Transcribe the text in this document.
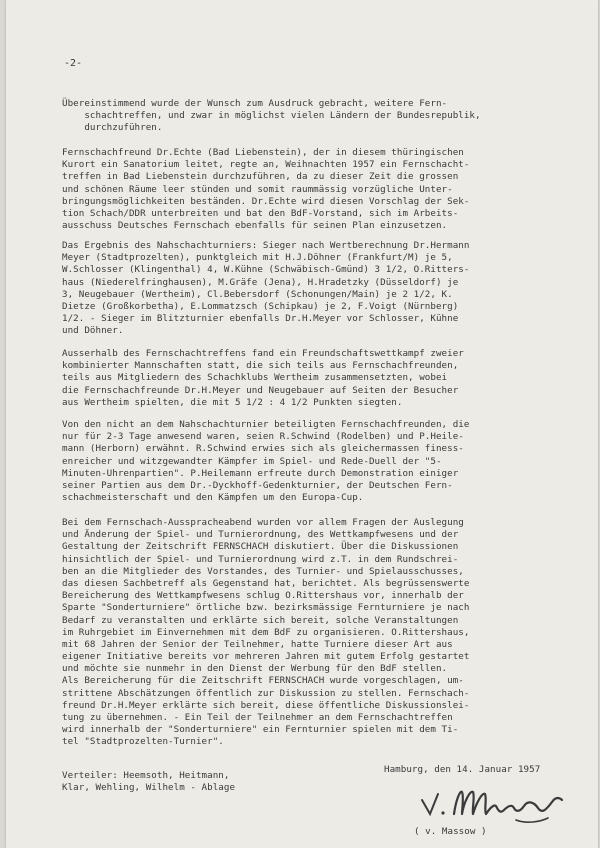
-2-
Übereinstimmend wurde der Wunsch zum Ausdruck gebracht, weitere Fern-
schachtreffen, und zwar in möglichst vielen Ländern der Bundesrepublik,
durchzuführen.
Fernschachfreund Dr.Echte (Bad Liebenstein), der in diesem thüringischen
Kurort ein Sanatorium leitet, regte an, Weihnachten 1957 ein Fernschacht-
treffen in Bad Liebenstein durchzuführen, da zu dieser Zeit die grossen
und schönen Räume leer stünden und somit raummässig vorzügliche Unter-
bringungsmöglichkeiten beständen. Dr.Echte wird diesen Vorschlag der Sek-
tion Schach/DDR unterbreiten und bat den BdF-Vorstand, sich im Arbeits-
ausschuss Deutsches Fernschach ebenfalls für seinen Plan einzusetzen.
Das Ergebnis des Nahschachturniers: Sieger nach Wertberechnung Dr.Hermann
Meyer (Stadtprozelten), punktgleich mit H.J.Döhner (Frankfurt/M) je 5,
W.Schlosser (Klingenthal) 4, W.Kühne (Schwäbisch-Gmünd) 3 1/2, O.Ritters-
haus (Niederelfringhausen), M.Gräfe (Jena), H.Hradetzky (Düsseldorf) je
3, Neugebauer (Wertheim), Cl.Bebersdorf (Schonungen/Main) je 2 1/2, K.
Dietze (Großkorbetha), E.Lommatzsch (Schipkau) je 2, F.Voigt (Nürnberg)
1/2. - Sieger im Blitzturnier ebenfalls Dr.H.Meyer vor Schlosser, Kühne
und Döhner.
Ausserhalb des Fernschachtreffens fand ein Freundschaftswettkampf zweier
kombinierter Mannschaften statt, die sich teils aus Fernschachfreunden,
teils aus Mitgliedern des Schachklubs Wertheim zusammensetzten, wobei
die Fernschachfreunde Dr.H.Meyer und Neugebauer auf Seiten der Besucher
aus Wertheim spielten, die mit 5 1/2 : 4 1/2 Punkten siegten.
Von den nicht an dem Nahschachturnier beteiligten Fernschachfreunden, die
nur für 2-3 Tage anwesend waren, seien R.Schwind (Rodelben) und P.Heile-
mann (Herborn) erwähnt. R.Schwind erwies sich als gleichermassen finess-
enreicher und witzgewandter Kämpfer im Spiel- und Rede-Duell der "5-
Minuten-Uhrenpartien". P.Heilemann erfreute durch Demonstration einiger
seiner Partien aus dem Dr.-Dyckhoff-Gedenkturnier, der Deutschen Fern-
schachmeisterschaft und den Kämpfen um den Europa-Cup.
Bei dem Fernschach-Ausspracheabend wurden vor allem Fragen der Auslegung
und Änderung der Spiel- und Turnierordnung, des Wettkampfwesens und der
Gestaltung der Zeitschrift FERNSCHACH diskutiert. Über die Diskussionen
hinsichtlich der Spiel- und Turnierordnung wird z.T. in dem Rundschrei-
ben an die Mitglieder des Vorstandes, des Turnier- und Spielausschusses,
das diesen Sachbetreff als Gegenstand hat, berichtet. Als begrüssenswerte
Bereicherung des Wettkampfwesens schlug O.Rittershaus vor, innerhalb der
Sparte "Sonderturniere" örtliche bzw. bezirksmässige Fernturniere je nach
Bedarf zu veranstalten und erklärte sich bereit, solche Veranstaltungen
im Ruhrgebiet im Einvernehmen mit dem BdF zu organisieren. O.Rittershaus,
mit 68 Jahren der Senior der Teilnehmer, hatte Turniere dieser Art aus
eigener Initiative bereits vor mehreren Jahren mit gutem Erfolg gestartet
und möchte sie nunmehr in den Dienst der Werbung für den BdF stellen.
Als Bereicherung für die Zeitschrift FERNSCHACH wurde vorgeschlagen, um-
strittene Abschätzungen öffentlich zur Diskussion zu stellen. Fernschach-
freund Dr.H.Meyer erklärte sich bereit, diese öffentliche Diskussionslei-
tung zu übernehmen. - Ein Teil der Teilnehmer an dem Fernschachtreffen
wird innerhalb der "Sonderturniere" ein Fernturnier spielen mit dem Ti-
tel "Stadtprozelten-Turnier".
Hamburg, den 14. Januar 1957
Verteiler: Heemsoth, Heitmann,
Klar, Wehling, Wilhelm - Ablage
( v. Massow )
